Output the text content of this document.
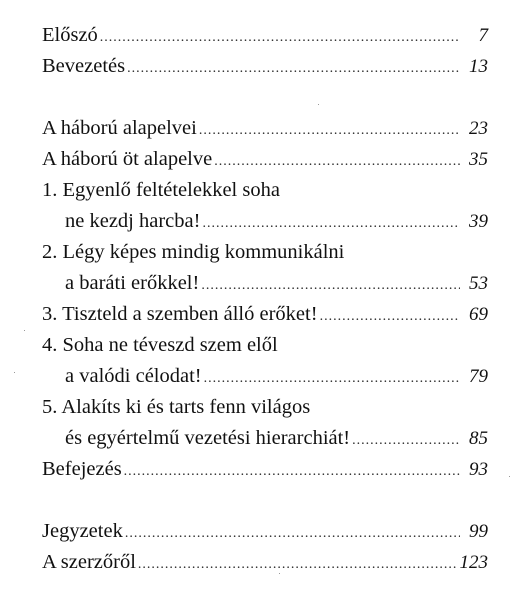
Előszó .....	7
Bevezetés .....	13
A háború alapelvei .....	23
A háború öt alapelve .....	35
1. Egyenlő feltételekkel soha
ne kezdj harcba! .....	39
2. Légy képes mindig kommunikálni
a baráti erőkkel! .....	53
3. Tiszteld a szemben álló erőket! .....	69
4. Soha ne téveszd szem elől
a valódi célodat! .....	79
5. Alakíts ki és tarts fenn világos
és egyértelmű vezetési hierarchiát! .....	85
Befejezés .....	93
Jegyzetek .....	99
A szerzőről .....	123
